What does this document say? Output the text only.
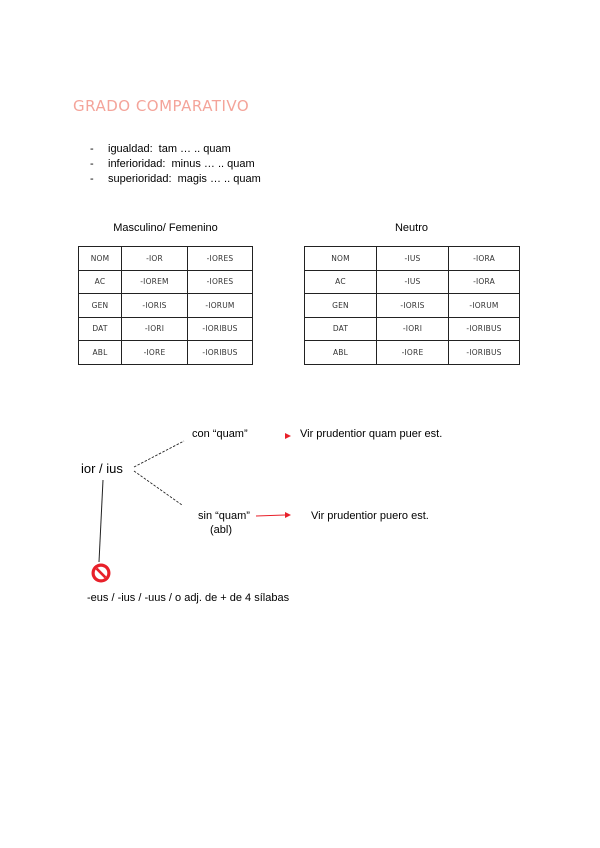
GRADO COMPARATIVO
- igualdad: tam … .. quam
- inferioridad: minus … .. quam
- superioridad: magis … .. quam
Masculino/ Femenino
NOM	-IOR	-IORES
AC	-IOREM	-IORES
GEN	-IORIS	-IORUM
DAT	-IORI	-IORIBUS
ABL	-IORE	-IORIBUS
Neutro
NOM	-IUS	-IORA
AC	-IUS	-IORA
GEN	-IORIS	-IORUM
DAT	-IORI	-IORIBUS
ABL	-IORE	-IORIBUS
ior / ius
con “quam”	Vir prudentior quam puer est.
sin “quam”
(abl)
Vir prudentior puero est.
-eus / -ius / -uus / o adj. de + de 4 sílabas
